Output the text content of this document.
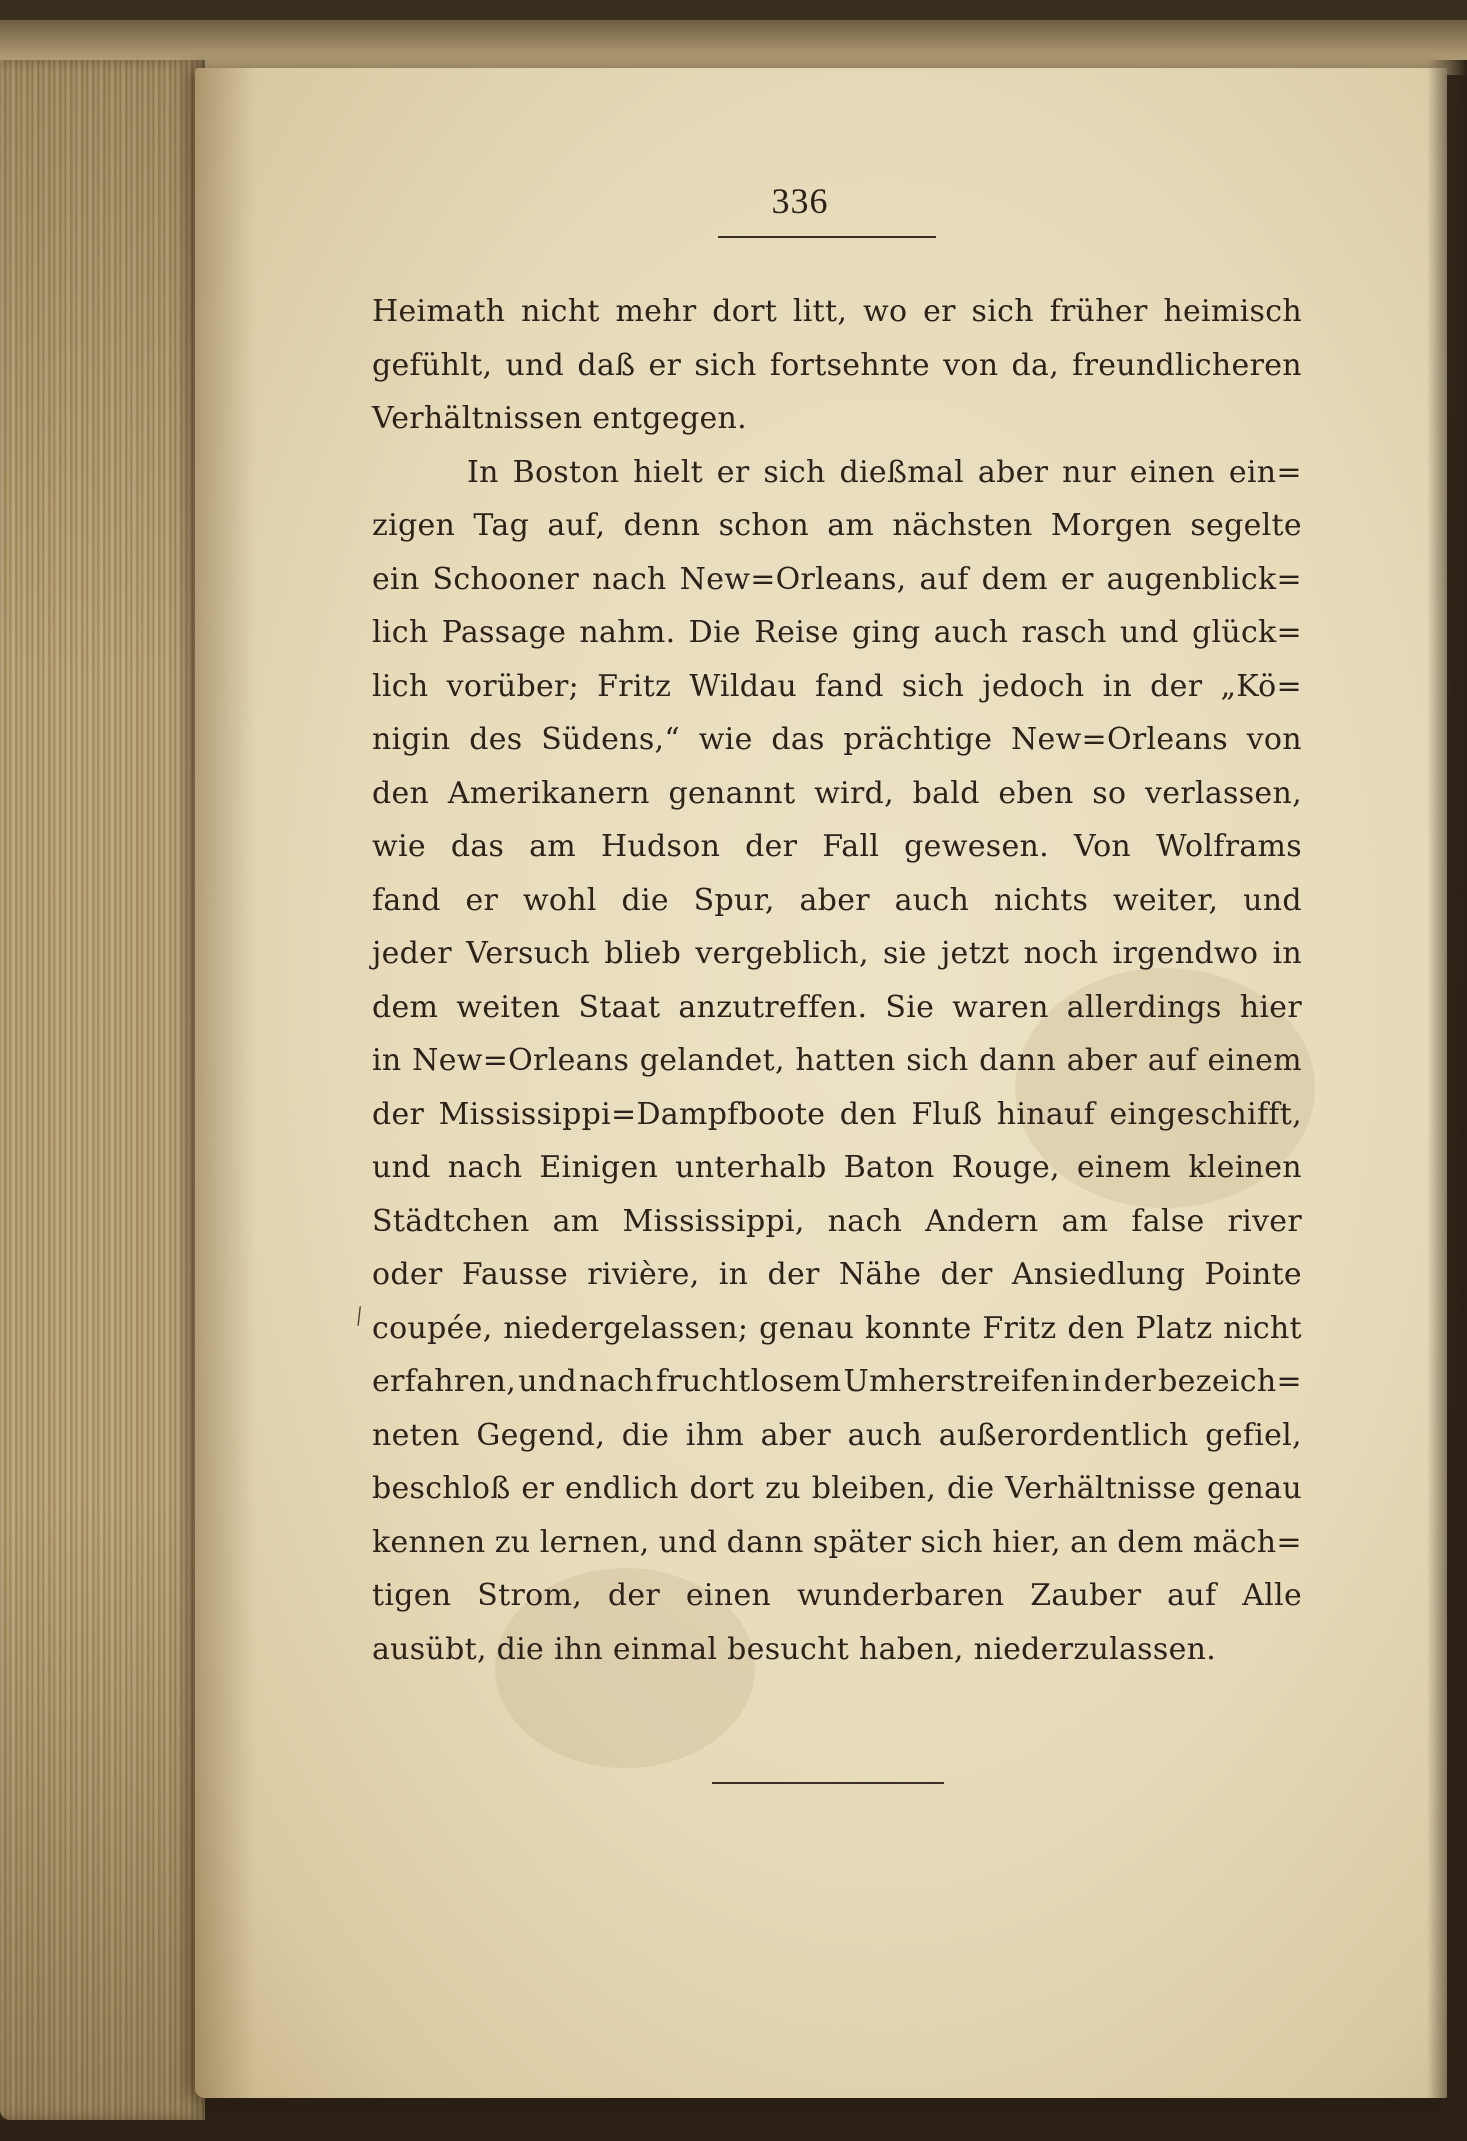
336
Heimath nicht mehr dort litt, wo er sich früher heimisch
gefühlt, und daß er sich fortsehnte von da, freundlicheren
Verhältnissen entgegen.
In Boston hielt er sich dießmal aber nur einen ein=
zigen Tag auf, denn schon am nächsten Morgen segelte
ein Schooner nach New=Orleans, auf dem er augenblick=
lich Passage nahm. Die Reise ging auch rasch und glück=
lich vorüber; Fritz Wildau fand sich jedoch in der „Kö=
nigin des Südens,“ wie das prächtige New=Orleans von
den Amerikanern genannt wird, bald eben so verlassen,
wie das am Hudson der Fall gewesen. Von Wolframs
fand er wohl die Spur, aber auch nichts weiter, und
jeder Versuch blieb vergeblich, sie jetzt noch irgendwo in
dem weiten Staat anzutreffen. Sie waren allerdings hier
in New=Orleans gelandet, hatten sich dann aber auf einem
der Mississippi=Dampfboote den Fluß hinauf eingeschifft,
und nach Einigen unterhalb Baton Rouge, einem kleinen
Städtchen am Mississippi, nach Andern am false river
oder Fausse rivière, in der Nähe der Ansiedlung Pointe
coupée, niedergelassen; genau konnte Fritz den Platz nicht
erfahren, und nach fruchtlosem Umherstreifen in der bezeich=
neten Gegend, die ihm aber auch außerordentlich gefiel,
beschloß er endlich dort zu bleiben, die Verhältnisse genau
kennen zu lernen, und dann später sich hier, an dem mäch=
tigen Strom, der einen wunderbaren Zauber auf Alle
ausübt, die ihn einmal besucht haben, niederzulassen.
⁄
